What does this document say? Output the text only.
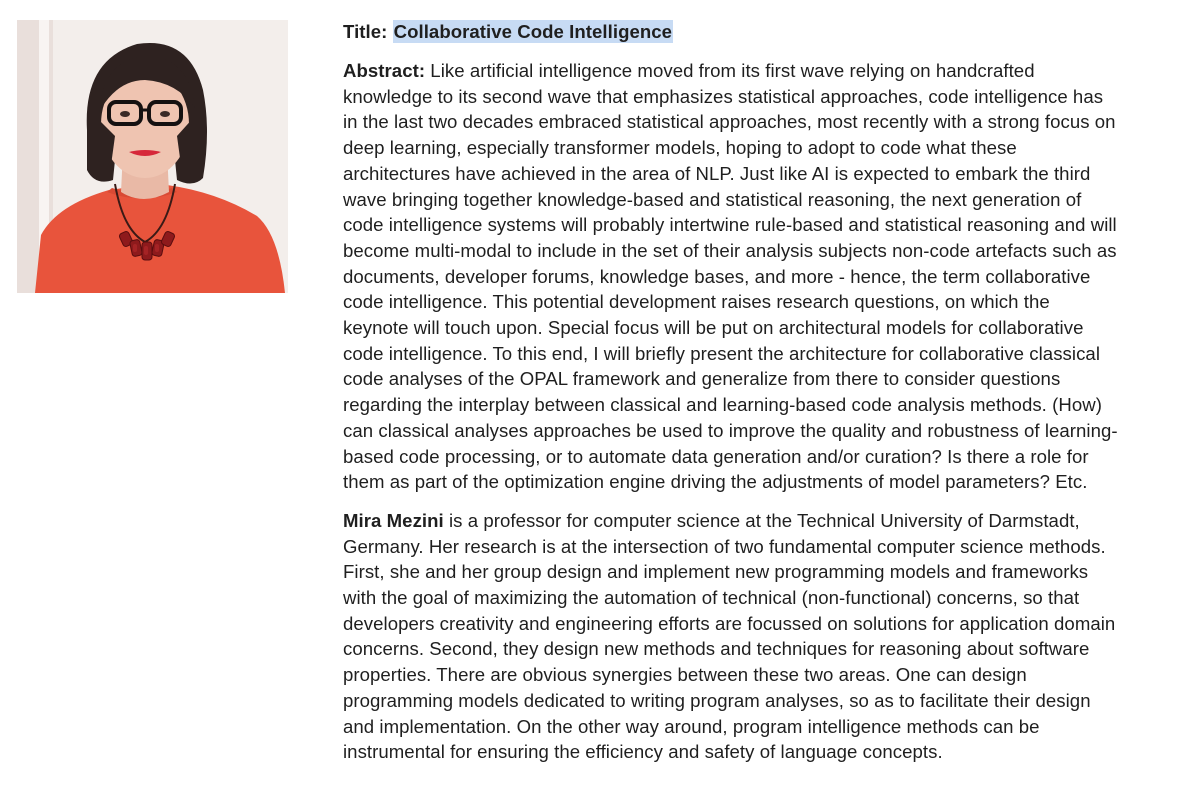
Title: Collaborative Code Intelligence

Abstract: Like artificial intelligence moved from its first wave relying on handcrafted knowledge to its second wave that emphasizes statistical approaches, code intelligence has in the last two decades embraced statistical approaches, most recently with a strong focus on deep learning, especially transformer models, hoping to adopt to code what these architectures have achieved in the area of NLP. Just like AI is expected to embark the third wave bringing together knowledge-based and statistical reasoning, the next generation of code intelligence systems will probably intertwine rule-based and statistical reasoning and will become multi-modal to include in the set of their analysis subjects non-code artefacts such as documents, developer forums, knowledge bases, and more - hence, the term collaborative code intelligence. This potential development raises research questions, on which the keynote will touch upon. Special focus will be put on architectural models for collaborative code intelligence. To this end, I will briefly present the architecture for collaborative classical code analyses of the OPAL framework and generalize from there to consider questions regarding the interplay between classical and learning-based code analysis methods. (How) can classical analyses approaches be used to improve the quality and robustness of learning-based code processing, or to automate data generation and/or curation? Is there a role for them as part of the optimization engine driving the adjustments of model parameters? Etc.

Mira Mezini is a professor for computer science at the Technical University of Darmstadt, Germany. Her research is at the intersection of two fundamental computer science methods. First, she and her group design and implement new programming models and frameworks with the goal of maximizing the automation of technical (non-functional) concerns, so that developers creativity and engineering efforts are focussed on solutions for application domain concerns. Second, they design new methods and techniques for reasoning about software properties. There are obvious synergies between these two areas. One can design programming models dedicated to writing program analyses, so as to facilitate their design and implementation. On the other way around, program intelligence methods can be instrumental for ensuring the efficiency and safety of language concepts.
